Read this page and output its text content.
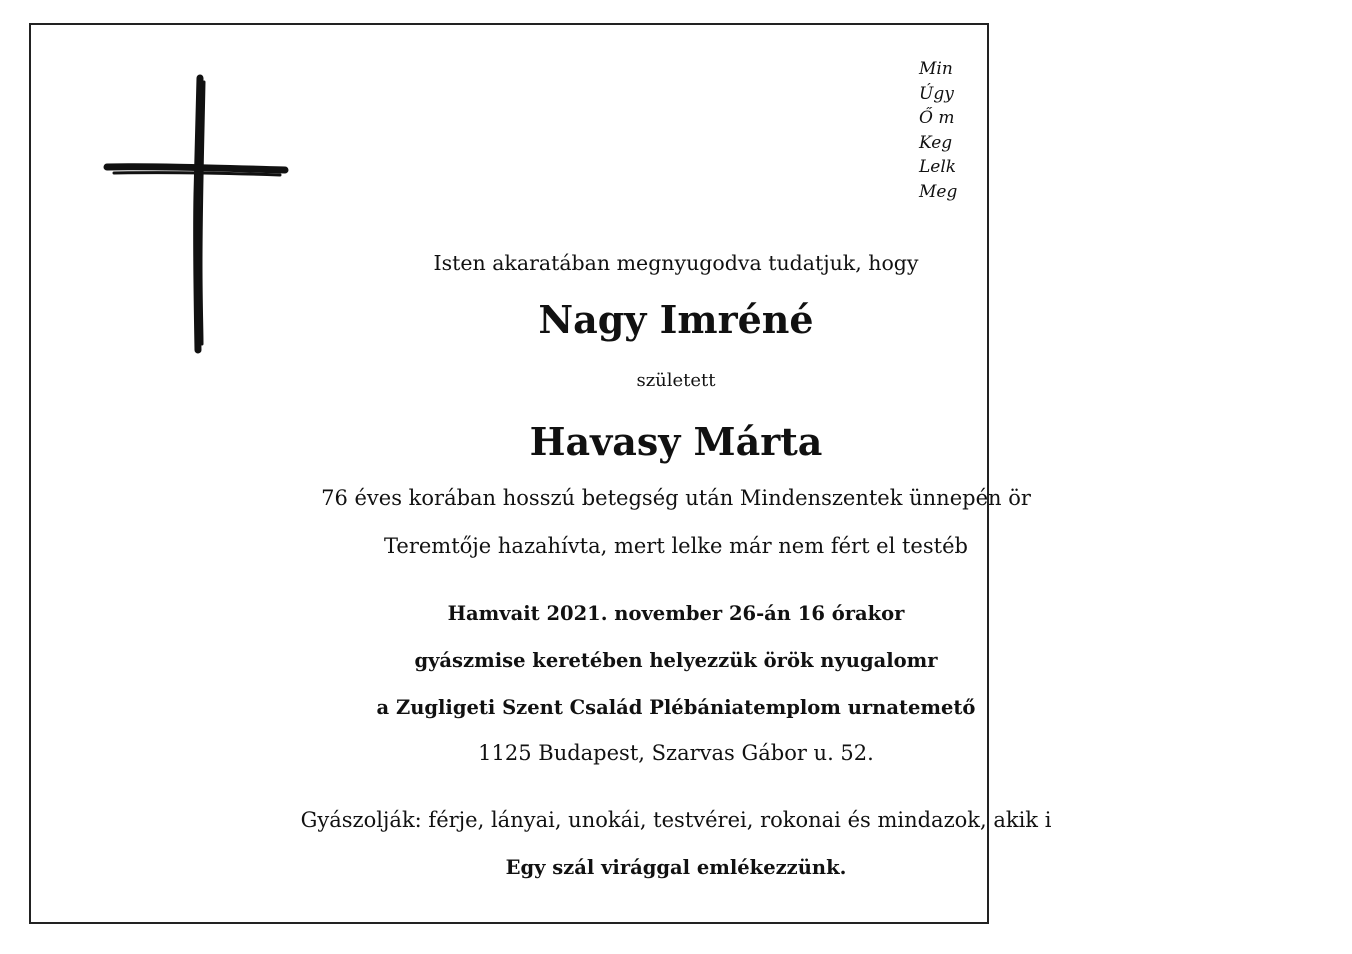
Min
Úgy
Ő m
Keg
Lelk
Meg
Isten akaratában megnyugodva tudatjuk, hogy
Nagy Imréné
született
Havasy Márta
76 éves korában hosszú betegség után Mindenszentek ünnepén ör
Teremtője hazahívta, mert lelke már nem fért el testéb
Hamvait 2021. november 26-án 16 órakor
gyászmise keretében helyezzük örök nyugalomr
a Zugligeti Szent Család Plébániatemplom urnatemető
1125 Budapest, Szarvas Gábor u. 52.
Gyászolják: férje, lányai, unokái, testvérei, rokonai és mindazok, akik i
Egy szál virággal emlékezzünk.
